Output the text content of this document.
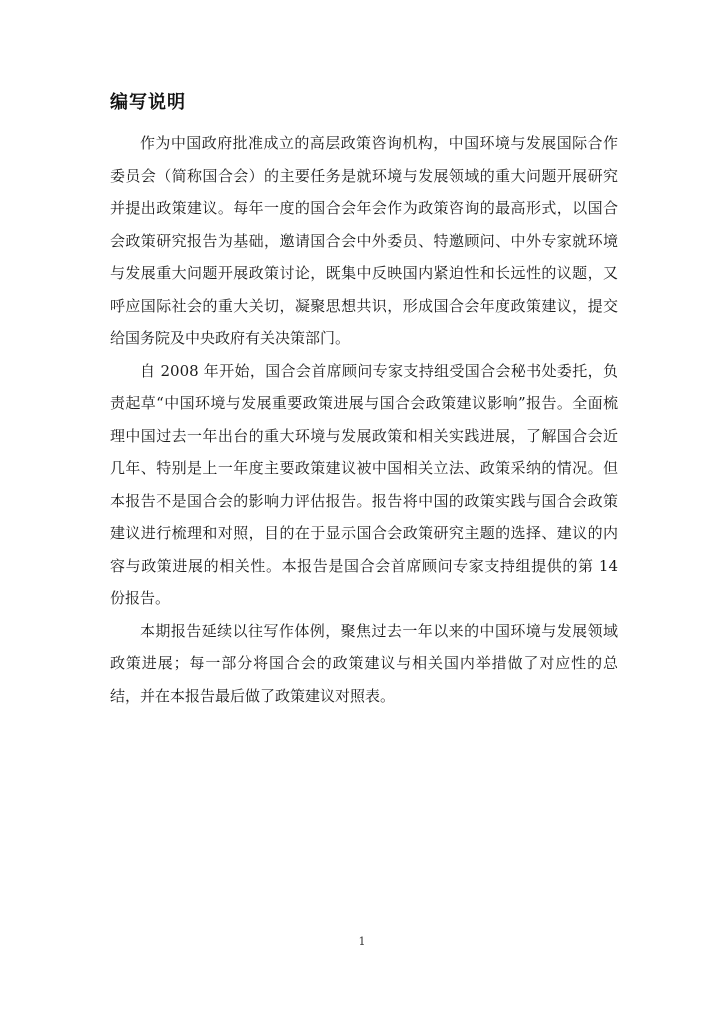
编写说明

作为中国政府批准成立的高层政策咨询机构，中国环境与发展国际合作委员会（简称国合会）的主要任务是就环境与发展领域的重大问题开展研究并提出政策建议。每年一度的国合会年会作为政策咨询的最高形式，以国合会政策研究报告为基础，邀请国合会中外委员、特邀顾问、中外专家就环境与发展重大问题开展政策讨论，既集中反映国内紧迫性和长远性的议题，又呼应国际社会的重大关切，凝聚思想共识，形成国合会年度政策建议，提交给国务院及中央政府有关决策部门。

自 2008 年开始，国合会首席顾问专家支持组受国合会秘书处委托，负责起草“中国环境与发展重要政策进展与国合会政策建议影响”报告。全面梳理中国过去一年出台的重大环境与发展政策和相关实践进展，了解国合会近几年、特别是上一年度主要政策建议被中国相关立法、政策采纳的情况。但本报告不是国合会的影响力评估报告。报告将中国的政策实践与国合会政策建议进行梳理和对照，目的在于显示国合会政策研究主题的选择、建议的内容与政策进展的相关性。本报告是国合会首席顾问专家支持组提供的第 14 份报告。

本期报告延续以往写作体例，聚焦过去一年以来的中国环境与发展领域政策进展；每一部分将国合会的政策建议与相关国内举措做了对应性的总结，并在本报告最后做了政策建议对照表。

1
